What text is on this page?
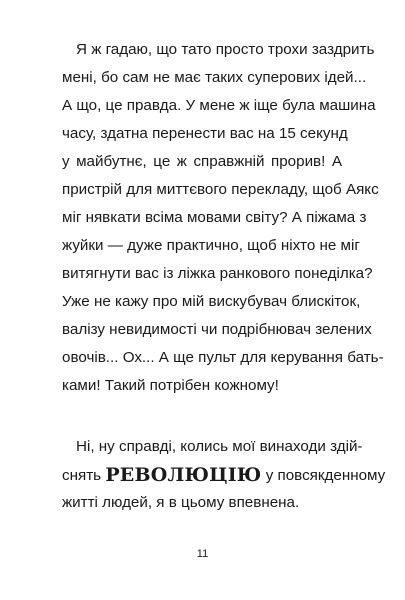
Я ж гадаю, що тато просто трохи заздрить
мені, бо сам не має таких суперових ідей...
А що, це правда. У мене ж іще була машина
часу, здатна перенести вас на 15 секунд
у майбутнє, це ж справжній прорив! А
пристрій для миттєвого перекладу, щоб Аякс
міг нявкати всіма мовами світу? А піжама з
жуйки — дуже практично, щоб ніхто не міг
витягнути вас із ліжка ранкового понеділка?
Уже не кажу про мій вискубувач блискіток,
валізу невидимості чи подрібнювач зелених
овочів... Ох... А ще пульт для керування бать-
ками! Такий потрібен кожному!
Ні, ну справді, колись мої винаходи здій-
снять РЕВОЛЮЦІЮ у повсякденному
житті людей, я в цьому впевнена.
11
